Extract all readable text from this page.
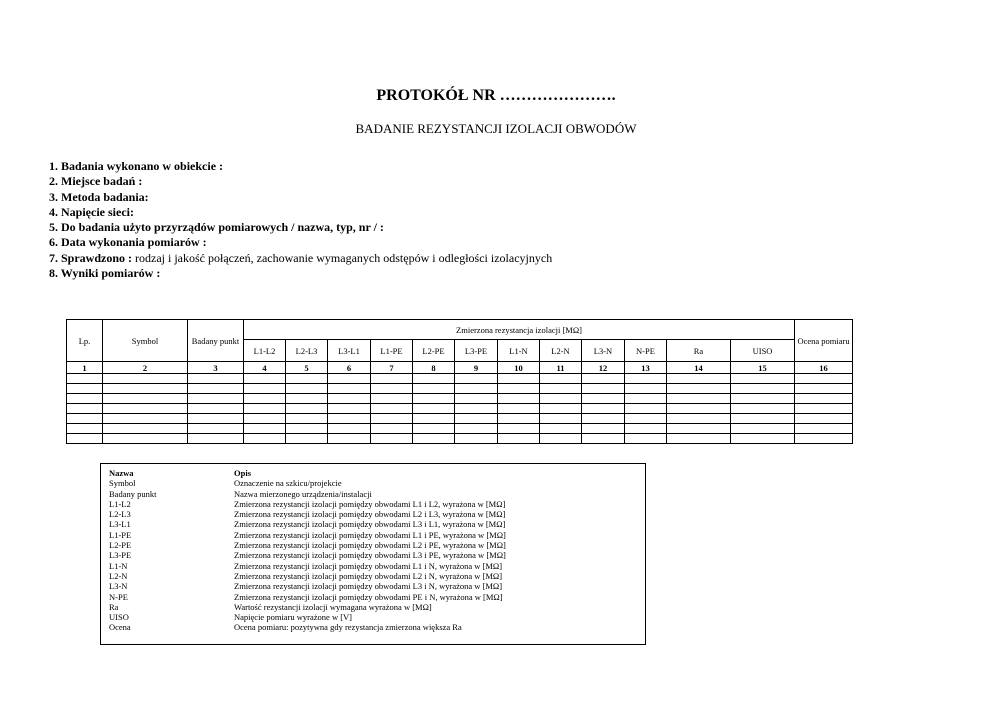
PROTOKÓŁ NR ………………….
BADANIE REZYSTANCJI IZOLACJI OBWODÓW
1. Badania wykonano w obiekcie :
2. Miejsce badań :
3. Metoda badania:
4. Napięcie sieci:
5. Do badania użyto przyrządów pomiarowych / nazwa, typ, nr / :
6. Data wykonania pomiarów :
7. Sprawdzono : rodzaj i jakość połączeń, zachowanie wymaganych odstępów i odległości izolacyjnych
8. Wyniki pomiarów :
Lp.	Symbol	Badany punkt	Zmierzona rezystancja izolacji [MΩ]												Ocena pomiaru
			L1-L2	L2-L3	L3-L1	L1-PE	L2-PE	L3-PE	L1-N	L2-N	L3-N	N-PE	Ra	UISO	
1	2	3	4	5	6	7	8	9	10	11	12	13	14	15	16

Nazwa	Opis
Symbol	Oznaczenie na szkicu/projekcie
Badany punkt	Nazwa mierzonego urządzenia/instalacji
L1-L2	Zmierzona rezystancji izolacji pomiędzy obwodami L1 i L2, wyrażona w [MΩ]
L2-L3	Zmierzona rezystancji izolacji pomiędzy obwodami L2 i L3, wyrażona w [MΩ]
L3-L1	Zmierzona rezystancji izolacji pomiędzy obwodami L3 i L1, wyrażona w [MΩ]
L1-PE	Zmierzona rezystancji izolacji pomiędzy obwodami L1 i PE, wyrażona w [MΩ]
L2-PE	Zmierzona rezystancji izolacji pomiędzy obwodami L2 i PE, wyrażona w [MΩ]
L3-PE	Zmierzona rezystancji izolacji pomiędzy obwodami L3 i PE, wyrażona w [MΩ]
L1-N	Zmierzona rezystancji izolacji pomiędzy obwodami L1 i N, wyrażona w [MΩ]
L2-N	Zmierzona rezystancji izolacji pomiędzy obwodami L2 i N, wyrażona w [MΩ]
L3-N	Zmierzona rezystancji izolacji pomiędzy obwodami L3 i N, wyrażona w [MΩ]
N-PE	Zmierzona rezystancji izolacji pomiędzy obwodami PE i N, wyrażona w [MΩ]
Ra	Wartość rezystancji izolacji wymagana wyrażona w [MΩ]
UISO	Napięcie pomiaru wyrażone w [V]
Ocena	Ocena pomiaru: pozytywna gdy rezystancja zmierzona większa Ra
